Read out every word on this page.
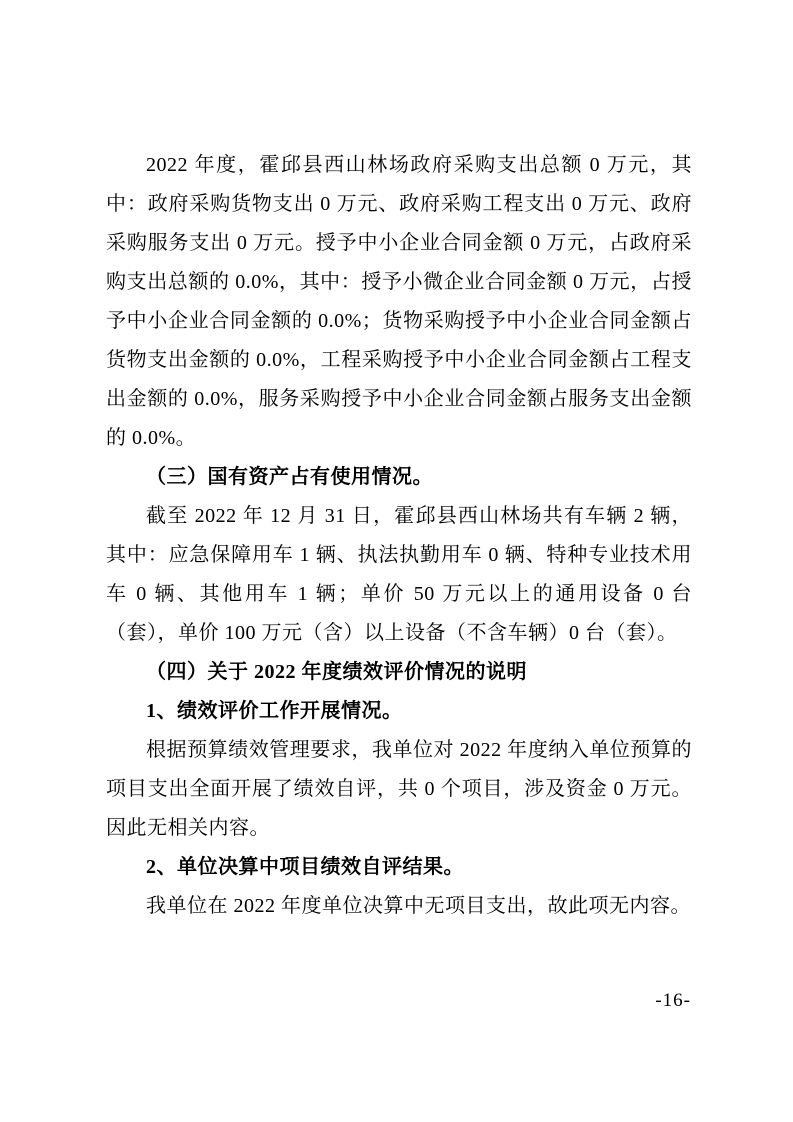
2022 年度，霍邱县西山林场政府采购支出总额 0 万元，其中：政府采购货物支出 0 万元、政府采购工程支出 0 万元、政府采购服务支出 0 万元。授予中小企业合同金额 0 万元，占政府采购支出总额的 0.0%，其中：授予小微企业合同金额 0 万元，占授予中小企业合同金额的 0.0%；货物采购授予中小企业合同金额占货物支出金额的 0.0%，工程采购授予中小企业合同金额占工程支出金额的 0.0%，服务采购授予中小企业合同金额占服务支出金额的 0.0%。

（三）国有资产占有使用情况。

截至 2022 年 12 月 31 日，霍邱县西山林场共有车辆 2 辆，其中：应急保障用车 1 辆、执法执勤用车 0 辆、特种专业技术用车 0 辆、其他用车 1 辆；单价 50 万元以上的通用设备 0 台（套），单价 100 万元（含）以上设备（不含车辆）0 台（套）。

（四）关于 2022 年度绩效评价情况的说明

1、绩效评价工作开展情况。

根据预算绩效管理要求，我单位对 2022 年度纳入单位预算的项目支出全面开展了绩效自评，共 0 个项目，涉及资金 0 万元。因此无相关内容。

2、单位决算中项目绩效自评结果。

我单位在 2022 年度单位决算中无项目支出，故此项无内容。

-16-
